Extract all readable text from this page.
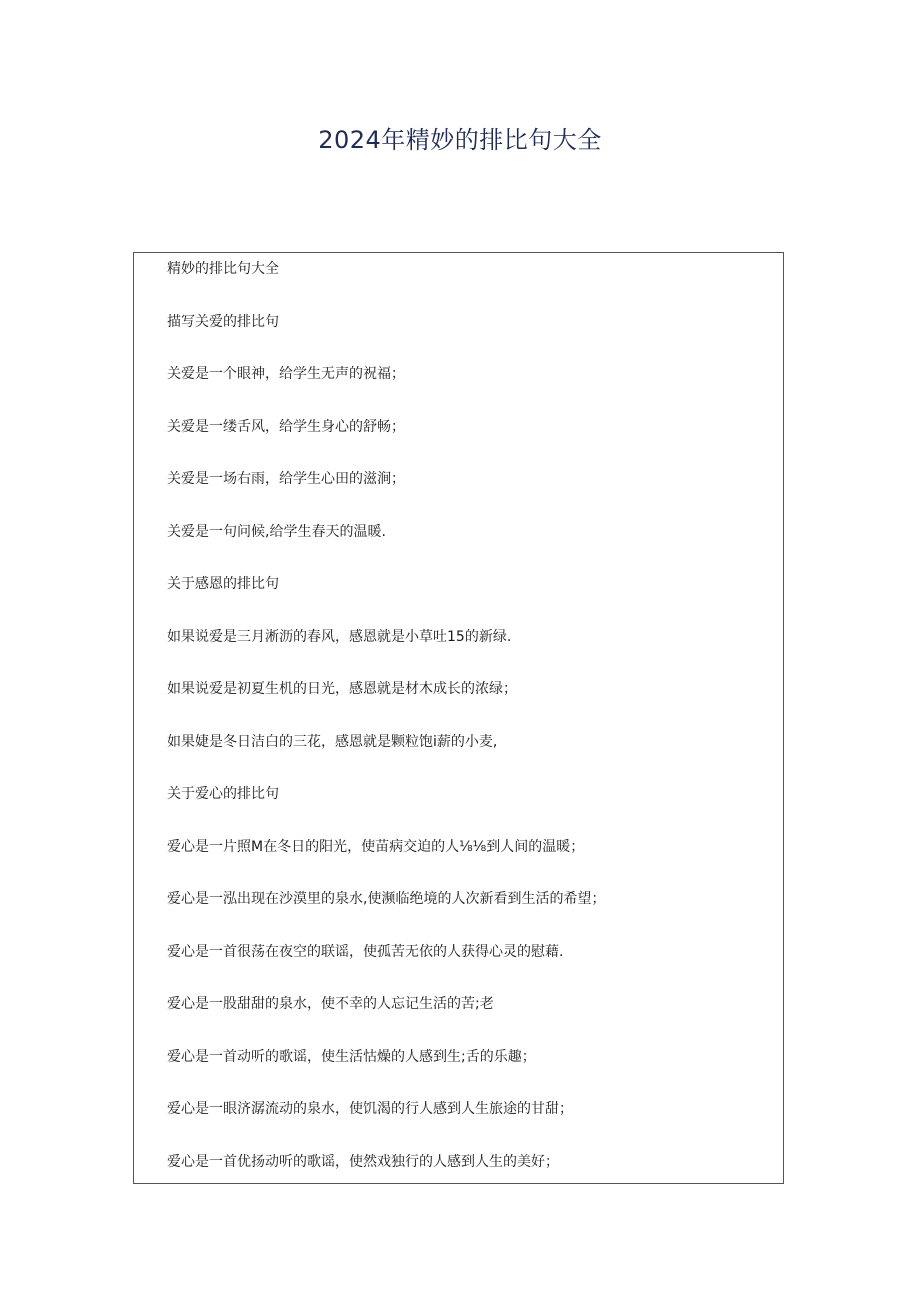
2024年精妙的排比句大全
精妙的排比句大全
描写关爱的排比句
关爱是一个眼神，给学生无声的祝福；
关爱是一缕舌风，给学生身心的舒畅；
关爱是一场右雨，给学生心田的滋涧；
关爱是一句问候,给学生春天的温暖.
关于感恩的排比句
如果说爱是三月淅沥的春风，感恩就是小草吐15的新绿.
如果说爱是初夏生机的日光，感恩就是材木成长的浓绿；
如果婕是冬日洁白的三花，感恩就是颗粒饱i薪的小麦,
关于爱心的排比句
爱心是一片照M在冬日的阳光，使苗病交迫的人⅛⅛到人间的温暖；
爱心是一泓出现在沙漠里的泉水,使濒临绝境的人次新看到生活的希望；
爱心是一首很荡在夜空的联谣，使孤苦无依的人获得心灵的慰藉.
爱心是一股甜甜的泉水，使不幸的人忘记生活的苦;老
爱心是一首动听的歌谣，使生活怙燥的人感到生;舌的乐趣；
爱心是一眼济潺流动的泉水，使饥渴的行人感到人生旅途的甘甜；
爱心是一首优扬动听的歌谣，使然戏独行的人感到人生的美好；
